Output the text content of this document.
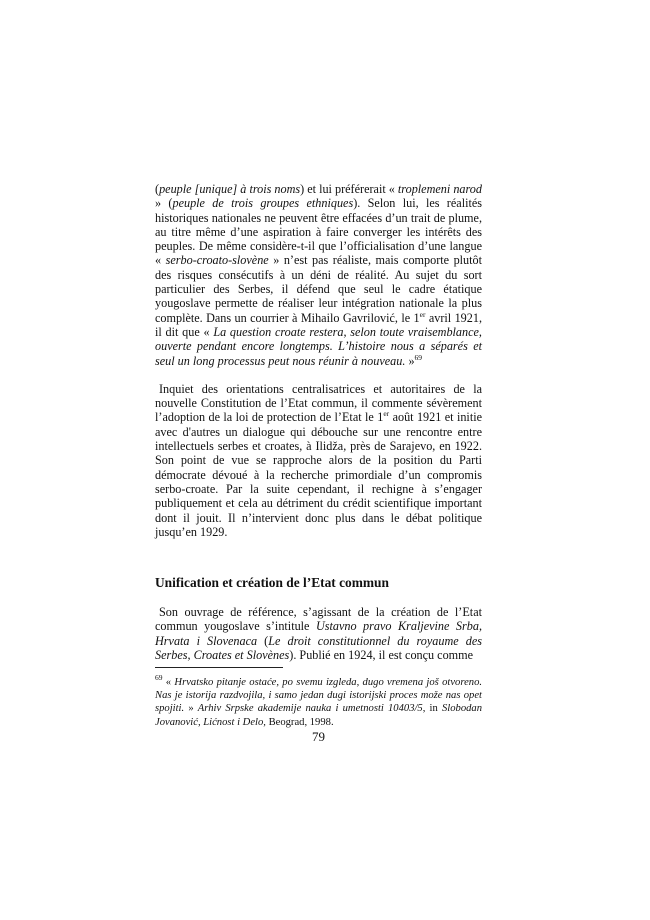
(peuple [unique] à trois noms) et lui préférerait « troplemeni narod » (peuple de trois groupes ethniques). Selon lui, les réalités historiques nationales ne peuvent être effacées d’un trait de plume, au titre même d’une aspiration à faire converger les intérêts des peuples. De même considère-t-il que l’officialisation d’une langue « serbo-croato-slovène » n’est pas réaliste, mais comporte plutôt des risques consécutifs à un déni de réalité. Au sujet du sort particulier des Serbes, il défend que seul le cadre étatique yougoslave permette de réaliser leur intégration nationale la plus complète. Dans un courrier à Mihailo Gavrilović, le 1er avril 1921, il dit que « La question croate restera, selon toute vraisemblance, ouverte pendant encore longtemps. L’histoire nous a séparés et seul un long processus peut nous réunir à nouveau. »$^{69}$

Inquiet des orientations centralisatrices et autoritaires de la nouvelle Constitution de l’Etat commun, il commente sévèrement l’adoption de la loi de protection de l’Etat le 1er août 1921 et initie avec d'autres un dialogue qui débouche sur une rencontre entre intellectuels serbes et croates, à Ilidža, près de Sarajevo, en 1922. Son point de vue se rapproche alors de la position du Parti démocrate dévoué à la recherche primordiale d’un compromis serbo-croate. Par la suite cependant, il rechigne à s’engager publiquement et cela au détriment du crédit scientifique important dont il jouit. Il n’intervient donc plus dans le débat politique jusqu’en 1929.

Unification et création de l’Etat commun

Son ouvrage de référence, s’agissant de la création de l’Etat commun yougoslave s’intitule Ustavno pravo Kraljevine Srba, Hrvata i Slovenaca (Le droit constitutionnel du royaume des Serbes, Croates et Slovènes). Publié en 1924, il est conçu comme

$^{69}$ « Hrvatsko pitanje ostaće, po svemu izgleda, dugo vremena još otvoreno. Nas je istorija razdvojila, i samo jedan dugi istorijski proces može nas opet spojiti. » Arhiv Srpske akademije nauka i umetnosti 10403/5, in Slobodan Jovanović, Lićnost i Delo, Beograd, 1998.
79
